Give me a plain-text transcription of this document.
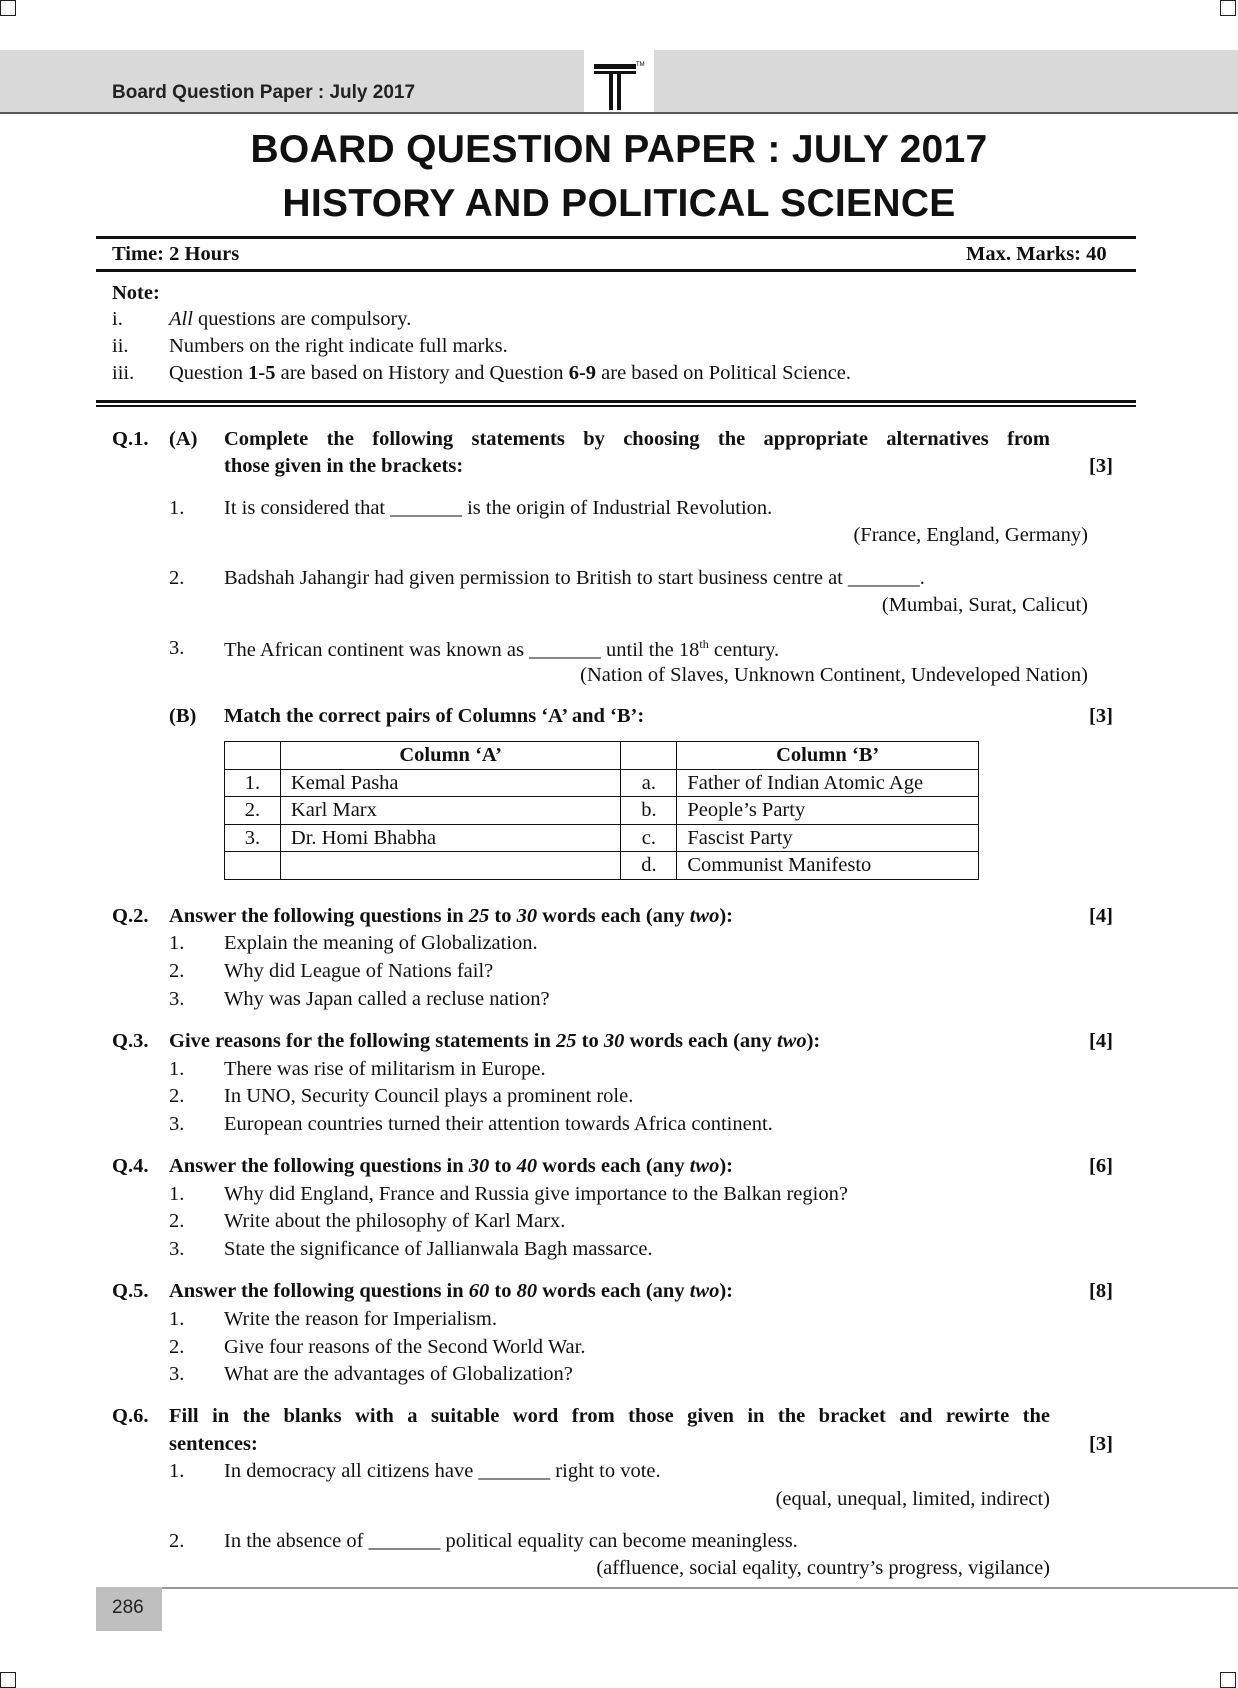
Board Question Paper : July 2017
TM
BOARD QUESTION PAPER : JULY 2017
HISTORY AND POLITICAL SCIENCE
Time: 2 Hours	Max. Marks: 40
Note:
i. All questions are compulsory.
ii. Numbers on the right indicate full marks.
iii. Question 1-5 are based on History and Question 6-9 are based on Political Science.
Q.1. (A) Complete the following statements by choosing the appropriate alternatives from
those given in the brackets:	[3]
1. It is considered that _______ is the origin of Industrial Revolution.
(France, England, Germany)
2. Badshah Jahangir had given permission to British to start business centre at _______.
(Mumbai, Surat, Calicut)
3. The African continent was known as _______ until the 18th century.
(Nation of Slaves, Unknown Continent, Undeveloped Nation)
(B) Match the correct pairs of Columns ‘A’ and ‘B’:	[3]
	Column ‘A’		Column ‘B’
1.	Kemal Pasha	a.	Father of Indian Atomic Age
2.	Karl Marx	b.	People’s Party
3.	Dr. Homi Bhabha	c.	Fascist Party
		d.	Communist Manifesto
Q.2. Answer the following questions in 25 to 30 words each (any two):	[4]
1. Explain the meaning of Globalization.
2. Why did League of Nations fail?
3. Why was Japan called a recluse nation?
Q.3. Give reasons for the following statements in 25 to 30 words each (any two):	[4]
1. There was rise of militarism in Europe.
2. In UNO, Security Council plays a prominent role.
3. European countries turned their attention towards Africa continent.
Q.4. Answer the following questions in 30 to 40 words each (any two):	[6]
1. Why did England, France and Russia give importance to the Balkan region?
2. Write about the philosophy of Karl Marx.
3. State the significance of Jallianwala Bagh massarce.
Q.5. Answer the following questions in 60 to 80 words each (any two):	[8]
1. Write the reason for Imperialism.
2. Give four reasons of the Second World War.
3. What are the advantages of Globalization?
Q.6. Fill in the blanks with a suitable word from those given in the bracket and rewirte the
sentences:	[3]
1. In democracy all citizens have _______ right to vote.
(equal, unequal, limited, indirect)
2. In the absence of _______ political equality can become meaningless.
(affluence, social eqality, country’s progress, vigilance)
286
